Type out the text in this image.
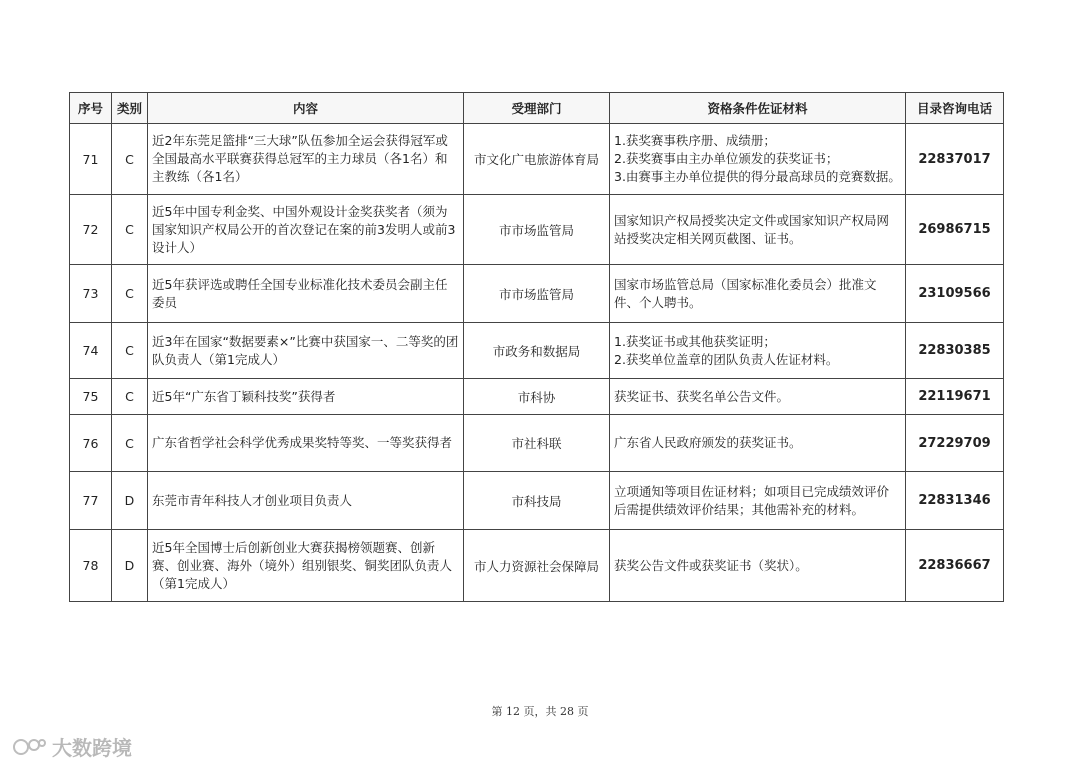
序号	类别	内容	受理部门	资格条件佐证材料	目录咨询电话
71	C	近2年东莞足篮排“三大球”队伍参加全运会获得冠军或全国最高水平联赛获得总冠军的主力球员（各1名）和主教练（各1名）	市文化广电旅游体育局	1.获奖赛事秩序册、成绩册；
2.获奖赛事由主办单位颁发的获奖证书；
3.由赛事主办单位提供的得分最高球员的竞赛数据。	22837017
72	C	近5年中国专利金奖、中国外观设计金奖获奖者（须为国家知识产权局公开的首次登记在案的前3发明人或前3设计人）	市市场监管局	国家知识产权局授奖决定文件或国家知识产权局网站授奖决定相关网页截图、证书。	26986715
73	C	近5年获评选或聘任全国专业标准化技术委员会副主任委员	市市场监管局	国家市场监管总局（国家标准化委员会）批准文件、个人聘书。	23109566
74	C	近3年在国家“数据要素×”比赛中获国家一、二等奖的团队负责人（第1完成人）	市政务和数据局	1.获奖证书或其他获奖证明；
2.获奖单位盖章的团队负责人佐证材料。	22830385
75	C	近5年“广东省丁颖科技奖”获得者	市科协	获奖证书、获奖名单公告文件。	22119671
76	C	广东省哲学社会科学优秀成果奖特等奖、一等奖获得者	市社科联	广东省人民政府颁发的获奖证书。	27229709
77	D	东莞市青年科技人才创业项目负责人	市科技局	立项通知等项目佐证材料；如项目已完成绩效评价后需提供绩效评价结果；其他需补充的材料。	22831346
78	D	近5年全国博士后创新创业大赛获揭榜领题赛、创新赛、创业赛、海外（境外）组别银奖、铜奖团队负责人（第1完成人）	市人力资源社会保障局	获奖公告文件或获奖证书（奖状）。	22836667
第 12 页，共 28 页
大数跨境
